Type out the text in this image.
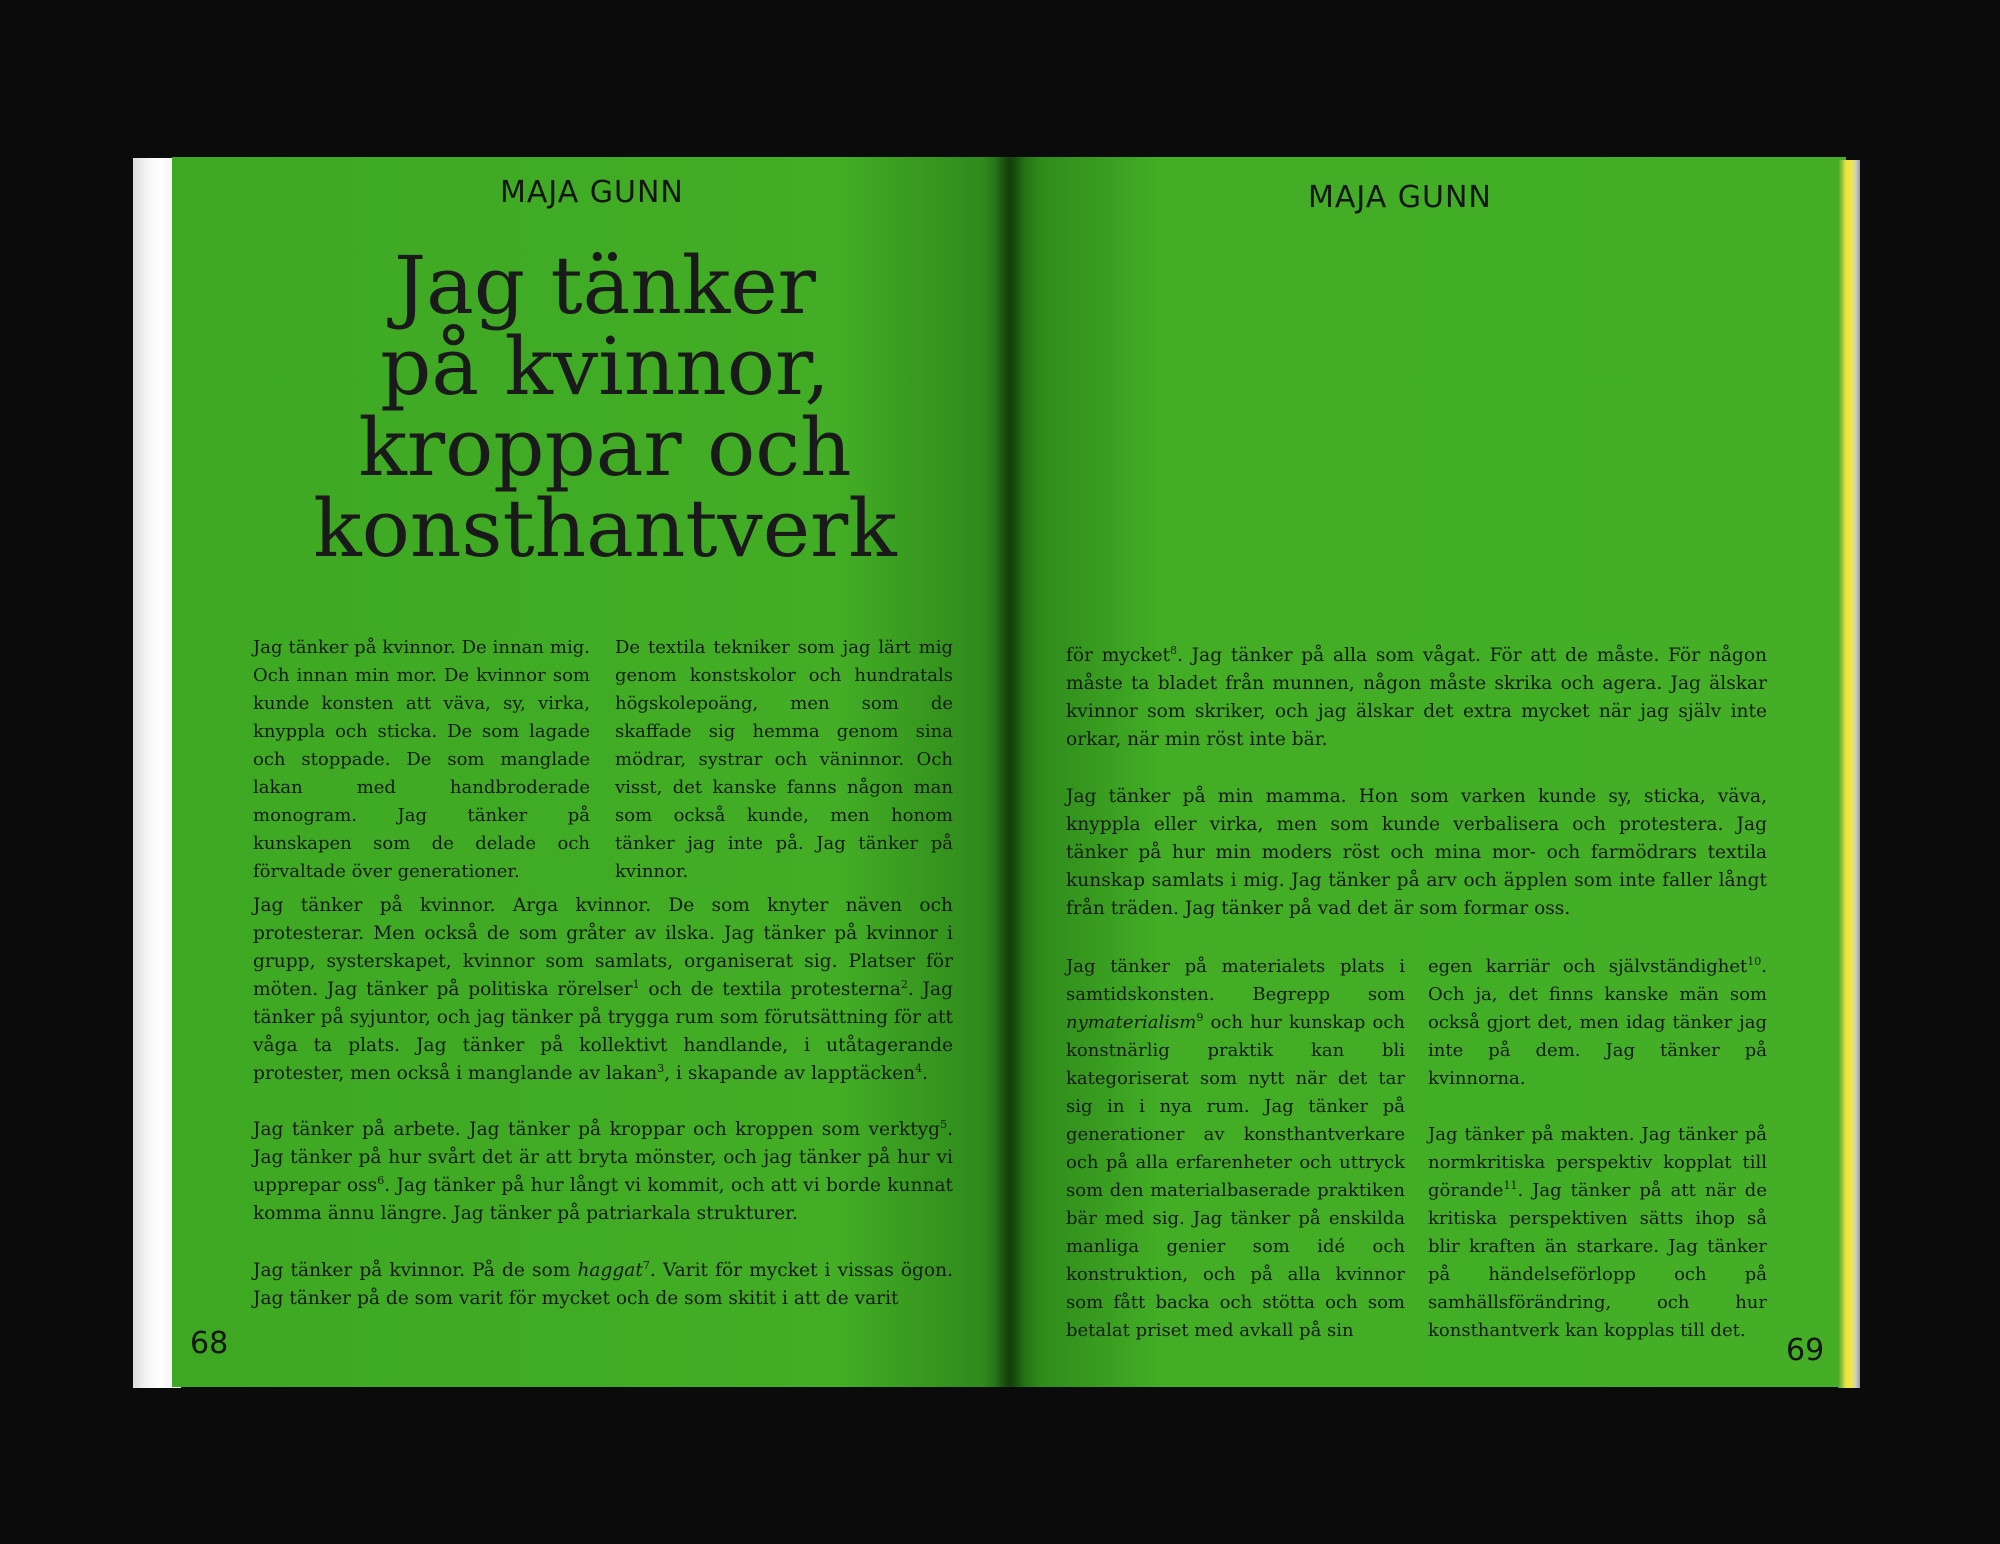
MAJA GUNN	MAJA GUNN
Jag tänker
på kvinnor,
kroppar och
konsthantverk

Jag tänker på kvinnor. De innan mig. Och innan min mor. De kvinnor som kunde konsten att väva, sy, virka, knyppla och sticka. De som lagade och stoppade. De som manglade lakan med handbroderade monogram. Jag tänker på kunskapen som de delade och förvaltade över generationer.

De textila tekniker som jag lärt mig genom konstskolor och hundratals högskolepoäng, men som de skaffade sig hemma genom sina mödrar, systrar och väninnor. Och visst, det kanske fanns någon man som också kunde, men honom tänker jag inte på. Jag tänker på kvinnor.

Jag tänker på kvinnor. Arga kvinnor. De som knyter näven och protesterar. Men också de som gråter av ilska. Jag tänker på kvinnor i grupp, systerskapet, kvinnor som samlats, organiserat sig. Platser för möten. Jag tänker på politiska rörelser$^1$ och de textila protesterna$^2$. Jag tänker på syjuntor, och jag tänker på trygga rum som förutsättning för att våga ta plats. Jag tänker på kollektivt handlande, i utåtagerande protester, men också i manglande av lakan$^3$, i skapande av lapptäcken$^4$.

Jag tänker på arbete. Jag tänker på kroppar och kroppen som verktyg$^5$. Jag tänker på hur svårt det är att bryta mönster, och jag tänker på hur vi upprepar oss$^6$. Jag tänker på hur långt vi kommit, och att vi borde kunnat komma ännu längre. Jag tänker på patriarkala strukturer.

Jag tänker på kvinnor. På de som haggat$^7$. Varit för mycket i vissas ögon. Jag tänker på de som varit för mycket och de som skitit i att de varit

68

för mycket$^8$. Jag tänker på alla som vågat. För att de måste. För någon måste ta bladet från munnen, någon måste skrika och agera. Jag älskar kvinnor som skriker, och jag älskar det extra mycket när jag själv inte orkar, när min röst inte bär.

Jag tänker på min mamma. Hon som varken kunde sy, sticka, väva, knyppla eller virka, men som kunde verbalisera och protestera. Jag tänker på hur min moders röst och mina mor- och farmödrars textila kunskap samlats i mig. Jag tänker på arv och äpplen som inte faller långt från träden. Jag tänker på vad det är som formar oss.

Jag tänker på materialets plats i samtidskonsten. Begrepp som nymaterialism$^9$ och hur kunskap och konstnärlig praktik kan bli kategoriserat som nytt när det tar sig in i nya rum. Jag tänker på generationer av konsthantverkare och på alla erfarenheter och uttryck som den materialbaserade praktiken bär med sig. Jag tänker på enskilda manliga genier som idé och konstruktion, och på alla kvinnor som fått backa och stötta och som betalat priset med avkall på sin

egen karriär och självständighet$^{10}$. Och ja, det finns kanske män som också gjort det, men idag tänker jag inte på dem. Jag tänker på kvinnorna.

Jag tänker på makten. Jag tänker på normkritiska perspektiv kopplat till görande$^{11}$. Jag tänker på att när de kritiska perspektiven sätts ihop så blir kraften än starkare. Jag tänker på händelseförlopp och på samhällsförändring, och hur konsthantverk kan kopplas till det.

69
